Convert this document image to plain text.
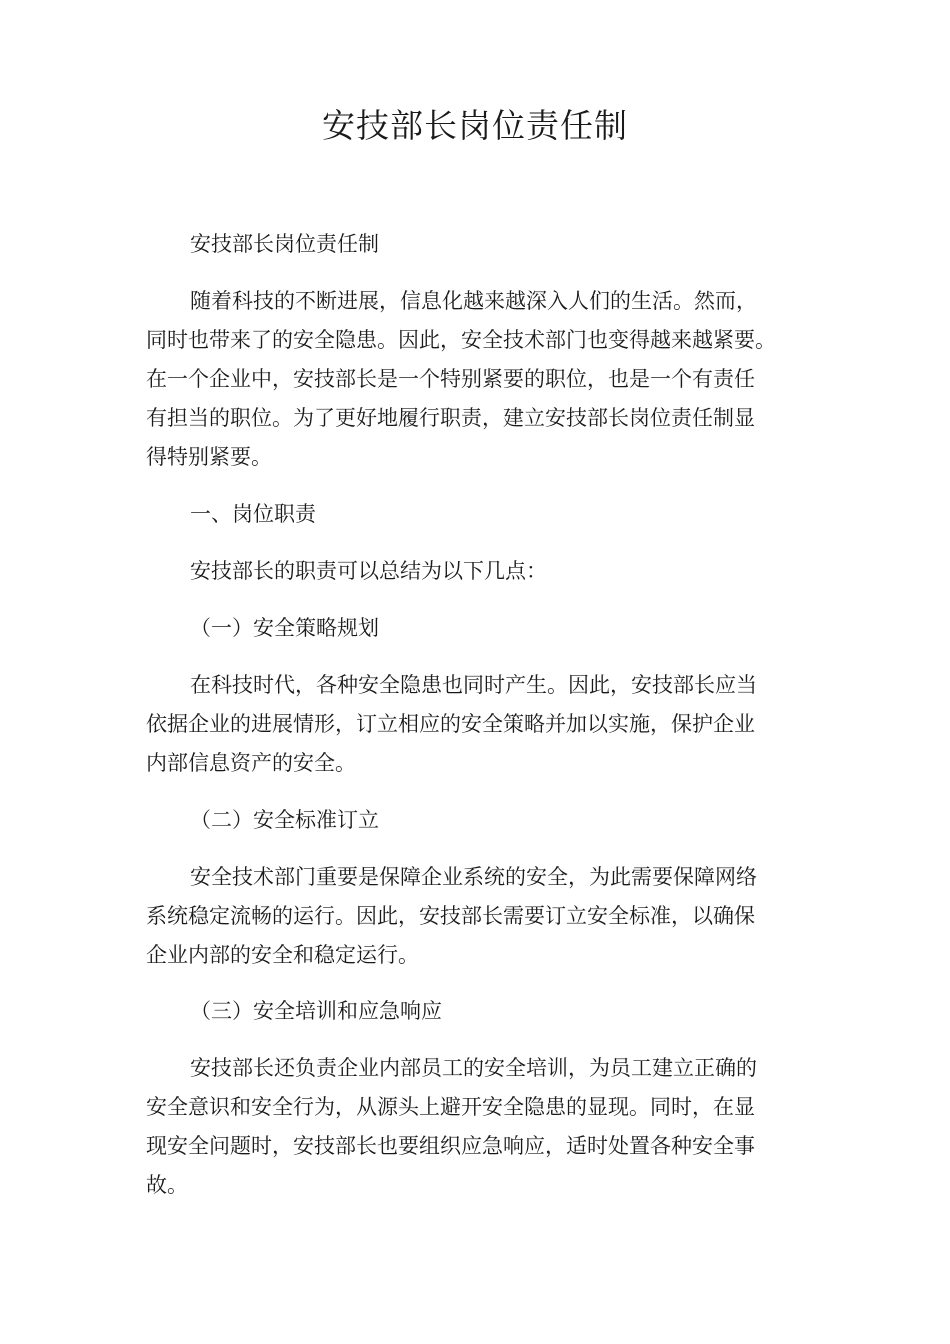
安技部长岗位责任制

安技部长岗位责任制

随着科技的不断进展，信息化越来越深入人们的生活。然而，

同时也带来了的安全隐患。因此，安全技术部门也变得越来越紧要。

在一个企业中，安技部长是一个特别紧要的职位，也是一个有责任

有担当的职位。为了更好地履行职责，建立安技部长岗位责任制显

得特别紧要。

一、岗位职责

安技部长的职责可以总结为以下几点：

（一）安全策略规划

在科技时代，各种安全隐患也同时产生。因此，安技部长应当

依据企业的进展情形，订立相应的安全策略并加以实施，保护企业

内部信息资产的安全。

（二）安全标准订立

安全技术部门重要是保障企业系统的安全，为此需要保障网络

系统稳定流畅的运行。因此，安技部长需要订立安全标准，以确保

企业内部的安全和稳定运行。

（三）安全培训和应急响应

安技部长还负责企业内部员工的安全培训，为员工建立正确的

安全意识和安全行为，从源头上避开安全隐患的显现。同时，在显

现安全问题时，安技部长也要组织应急响应，适时处置各种安全事

故。
